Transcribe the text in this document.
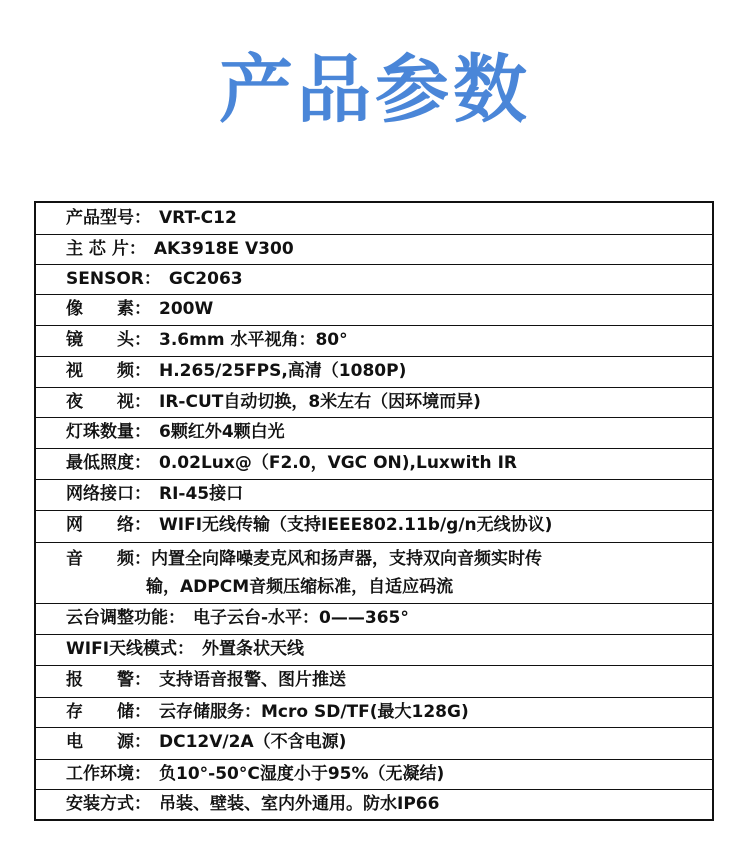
产品参数
产品型号： VRT-C12
主 芯 片： AK3918E V300
SENSOR： GC2063
像　　素： 200W
镜　　头： 3.6mm 水平视角：80°
视　　频： H.265/25FPS,高清（1080P)
夜　　视： IR-CUT自动切换，8米左右（因环境而异)
灯珠数量： 6颗红外4颗白光
最低照度： 0.02Lux@（F2.0，VGC ON),Luxwith IR
网络接口： RI-45接口
网　　络： WIFI无线传输（支持IEEE802.11b/g/n无线协议)
音　　频：内置全向降噪麦克风和扬声器，支持双向音频实时传
输，ADPCM音频压缩标准，自适应码流
云台调整功能： 电子云台-水平：0——365°
WIFI天线模式： 外置条状天线
报　　警： 支持语音报警、图片推送
存　　储： 云存储服务：Mcro SD/TF(最大128G)
电　　源： DC12V/2A（不含电源)
工作环境： 负10°-50°C湿度小于95%（无凝结)
安装方式： 吊装、壁装、室内外通用。防水IP66
